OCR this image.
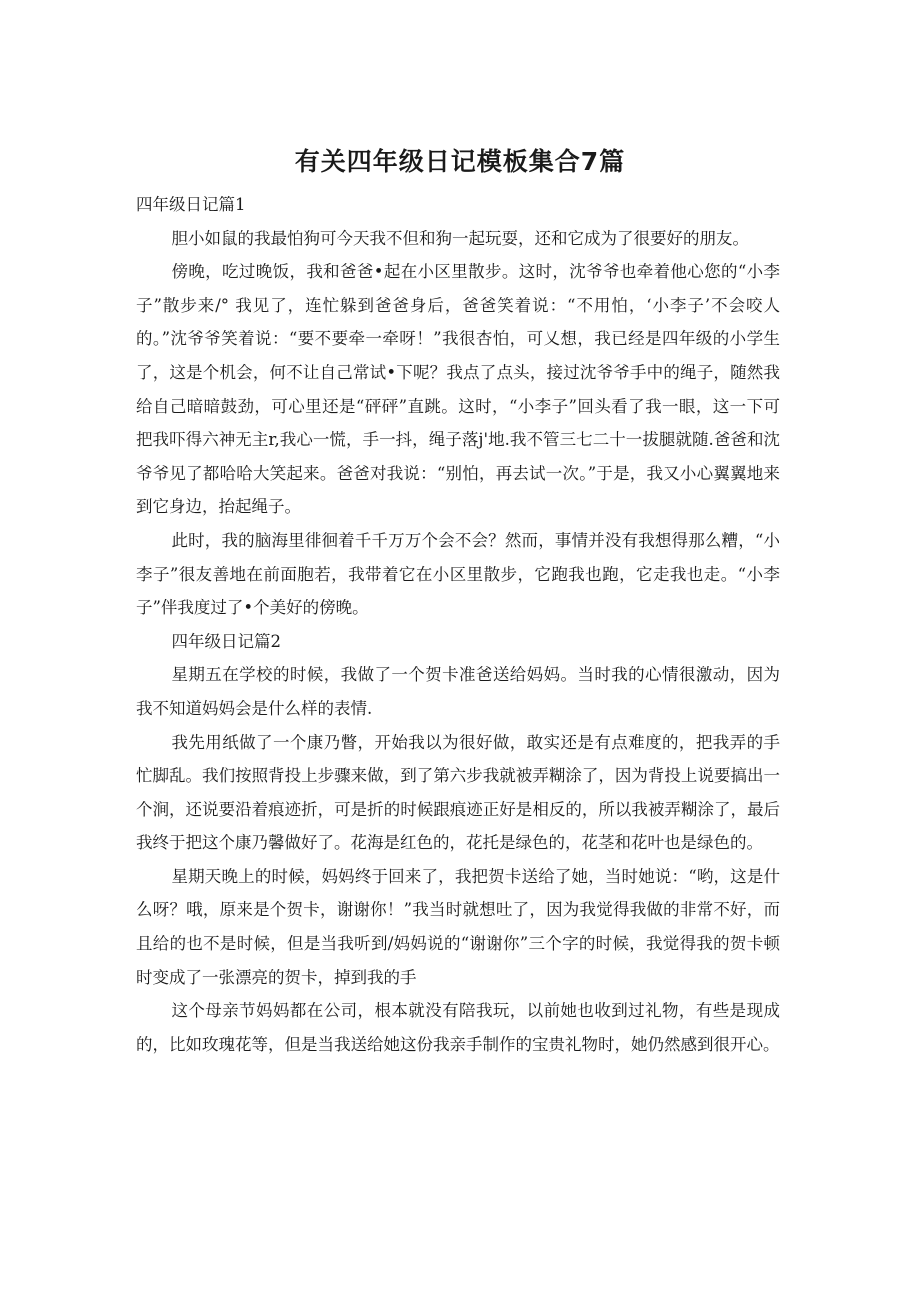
有关四年级日记模板集合7篇

四年级日记篇1

胆小如鼠的我最怕狗可今天我不但和狗一起玩耍，还和它成为了很要好的朋友。

傍晚，吃过晚饭，我和爸爸•起在小区里散步。这时，沈爷爷也牵着他心您的“小李子”散步来/° 我见了，连忙躲到爸爸身后，爸爸笑着说：“不用怕，‘小李子’不会咬人的。”沈爷爷笑着说：“要不要牵一牵呀！”我很杏怕，可乂想，我已经是四年级的小学生了，这是个机会，何不让自己常试•下呢？我点了点头，接过沈爷爷手中的绳子，随然我给自己暗暗鼓劲，可心里还是“砰砰”直跳。这时，“小李子”回头看了我一眼，这一下可把我吓得六神无主r,我心一慌，手一抖，绳子落j'地.我不管三七二十一拔腿就随.爸爸和沈爷爷见了都哈哈大笑起来。爸爸对我说：“别怕，再去试一次。”于是，我又小心翼翼地来到它身边，抬起绳子。

此时，我的脑海里徘徊着千千万万个会不会？然而，事情并没有我想得那么糟，“小李子”很友善地在前面胞若，我带着它在小区里散步，它跑我也跑，它走我也走。“小李子”伴我度过了•个美好的傍晚。

四年级日记篇2

星期五在学校的时候，我做了一个贺卡准爸送给妈妈。当时我的心情很激动，因为我不知道妈妈会是什么样的表情.

我先用纸做了一个康乃瞥，开始我以为很好做，敢实还是有点难度的，把我弄的手忙脚乱。我们按照背投上步骤来做，到了第六步我就被弄糊涂了，因为背投上说要搞出一个涧，还说要沿着痕迹折，可是折的时候跟痕迹正好是相反的，所以我被弄糊涂了，最后我终于把这个康乃馨做好了。花海是红色的，花托是绿色的，花茎和花叶也是绿色的。

星期天晚上的时候，妈妈终于回来了，我把贺卡送给了她，当时她说：“哟，这是什么呀？哦，原来是个贺卡，谢谢你！”我当时就想吐了，因为我觉得我做的非常不好，而且给的也不是时候，但是当我听到/妈妈说的“谢谢你”三个字的时候，我觉得我的贺卡顿时变成了一张漂亮的贺卡，掉到我的手

这个母亲节妈妈都在公司，根本就没有陪我玩，以前她也收到过礼物，有些是现成的，比如玫瑰花等，但是当我送给她这份我亲手制作的宝贵礼物时，她仍然感到很开心。
